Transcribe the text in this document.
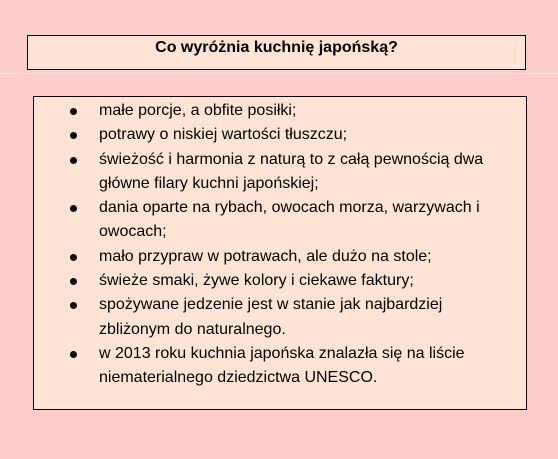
Co wyróżnia kuchnię japońską?
małe porcje, a obfite posiłki;
potrawy o niskiej wartości tłuszczu;
świeżość i harmonia z naturą to z całą pewnością dwa główne filary kuchni japońskiej;
dania oparte na rybach, owocach morza, warzywach i owocach;
mało przypraw w potrawach, ale dużo na stole;
świeże smaki, żywe kolory i ciekawe faktury;
spożywane jedzenie jest w stanie jak najbardziej zbliżonym do naturalnego.
w 2013 roku kuchnia japońska znalazła się na liście niematerialnego dziedzictwa UNESCO.
